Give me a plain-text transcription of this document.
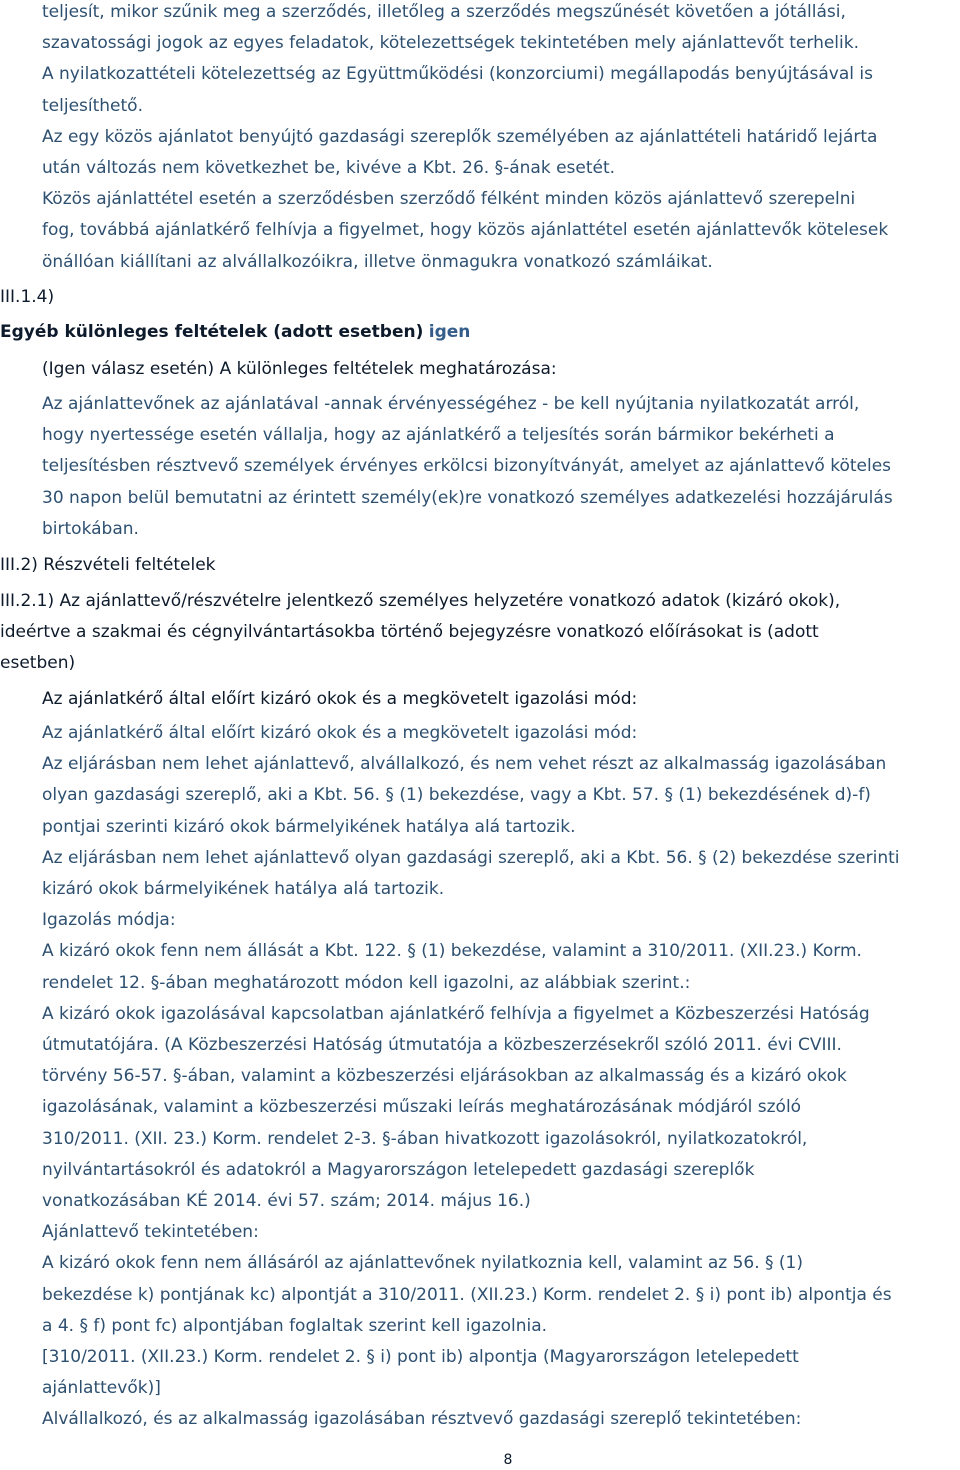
teljesít, mikor szűnik meg a szerződés, illetőleg a szerződés megszűnését követően a jótállási,
szavatossági jogok az egyes feladatok, kötelezettségek tekintetében mely ajánlattevőt terhelik.
A nyilatkozattételi kötelezettség az Együttműködési (konzorciumi) megállapodás benyújtásával is
teljesíthető.
Az egy közös ajánlatot benyújtó gazdasági szereplők személyében az ajánlattételi határidő lejárta
után változás nem következhet be, kivéve a Kbt. 26. §-ának esetét.
Közös ajánlattétel esetén a szerződésben szerződő félként minden közös ajánlattevő szerepelni
fog, továbbá ajánlatkérő felhívja a figyelmet, hogy közös ajánlattétel esetén ajánlattevők kötelesek
önállóan kiállítani az alvállalkozóikra, illetve önmagukra vonatkozó számláikat.
III.1.4)
Egyéb különleges feltételek (adott esetben) igen
(Igen válasz esetén) A különleges feltételek meghatározása:
Az ajánlattevőnek az ajánlatával -annak érvényességéhez - be kell nyújtania nyilatkozatát arról,
hogy nyertessége esetén vállalja, hogy az ajánlatkérő a teljesítés során bármikor bekérheti a
teljesítésben résztvevő személyek érvényes erkölcsi bizonyítványát, amelyet az ajánlattevő köteles
30 napon belül bemutatni az érintett személy(ek)re vonatkozó személyes adatkezelési hozzájárulás
birtokában.
III.2) Részvételi feltételek
III.2.1) Az ajánlattevő/részvételre jelentkező személyes helyzetére vonatkozó adatok (kizáró okok),
ideértve a szakmai és cégnyilvántartásokba történő bejegyzésre vonatkozó előírásokat is (adott
esetben)
Az ajánlatkérő által előírt kizáró okok és a megkövetelt igazolási mód:
Az ajánlatkérő által előírt kizáró okok és a megkövetelt igazolási mód:
Az eljárásban nem lehet ajánlattevő, alvállalkozó, és nem vehet részt az alkalmasság igazolásában
olyan gazdasági szereplő, aki a Kbt. 56. § (1) bekezdése, vagy a Kbt. 57. § (1) bekezdésének d)-f)
pontjai szerinti kizáró okok bármelyikének hatálya alá tartozik.
Az eljárásban nem lehet ajánlattevő olyan gazdasági szereplő, aki a Kbt. 56. § (2) bekezdése szerinti
kizáró okok bármelyikének hatálya alá tartozik.
Igazolás módja:
A kizáró okok fenn nem állását a Kbt. 122. § (1) bekezdése, valamint a 310/2011. (XII.23.) Korm.
rendelet 12. §-ában meghatározott módon kell igazolni, az alábbiak szerint.:
A kizáró okok igazolásával kapcsolatban ajánlatkérő felhívja a figyelmet a Közbeszerzési Hatóság
útmutatójára. (A Közbeszerzési Hatóság útmutatója a közbeszerzésekről szóló 2011. évi CVIII.
törvény 56-57. §-ában, valamint a közbeszerzési eljárásokban az alkalmasság és a kizáró okok
igazolásának, valamint a közbeszerzési műszaki leírás meghatározásának módjáról szóló
310/2011. (XII. 23.) Korm. rendelet 2-3. §-ában hivatkozott igazolásokról, nyilatkozatokról,
nyilvántartásokról és adatokról a Magyarországon letelepedett gazdasági szereplők
vonatkozásában KÉ 2014. évi 57. szám; 2014. május 16.)
Ajánlattevő tekintetében:
A kizáró okok fenn nem állásáról az ajánlattevőnek nyilatkoznia kell, valamint az 56. § (1)
bekezdése k) pontjának kc) alpontját a 310/2011. (XII.23.) Korm. rendelet 2. § i) pont ib) alpontja és
a 4. § f) pont fc) alpontjában foglaltak szerint kell igazolnia.
[310/2011. (XII.23.) Korm. rendelet 2. § i) pont ib) alpontja (Magyarországon letelepedett
ajánlattevők)]
Alvállalkozó, és az alkalmasság igazolásában résztvevő gazdasági szereplő tekintetében:
8
